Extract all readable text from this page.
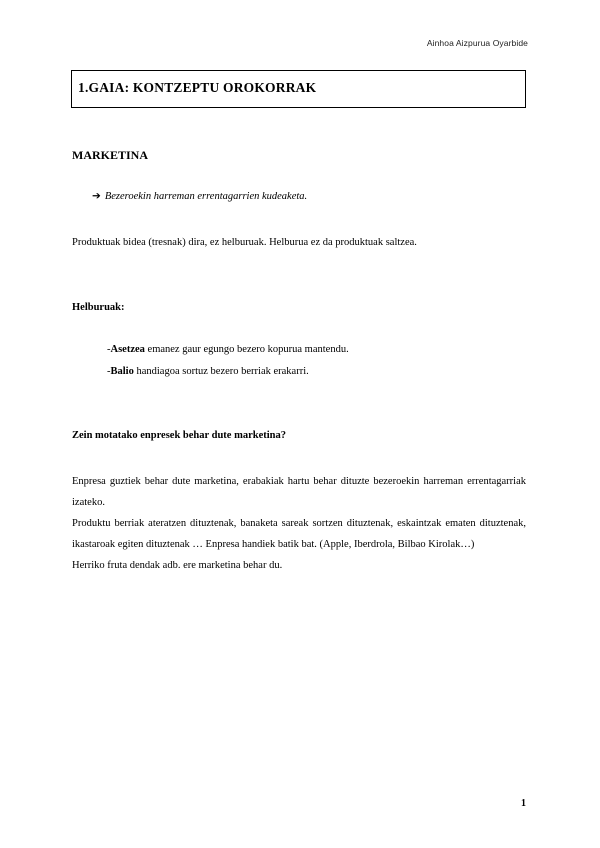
Ainhoa Aizpurua Oyarbide
1.GAIA: KONTZEPTU OROKORRAK
MARKETINA
➔ Bezeroekin harreman errentagarrien kudeaketa.
Produktuak bidea (tresnak) dira, ez helburuak. Helburua ez da produktuak saltzea.
Helburuak:
-Asetzea emanez gaur egungo bezero kopurua mantendu.
-Balio handiagoa sortuz bezero berriak erakarri.
Zein motatako enpresek behar dute marketina?

Enpresa guztiek behar dute marketina, erabakiak hartu behar dituzte bezeroekin harreman errentagarriak izateko.

Produktu berriak ateratzen dituztenak, banaketa sareak sortzen dituztenak, eskaintzak ematen dituztenak, ikastaroak egiten dituztenak … Enpresa handiek batik bat. (Apple, Iberdrola, Bilbao Kirolak…)

Herriko fruta dendak adb. ere marketina behar du.

1
